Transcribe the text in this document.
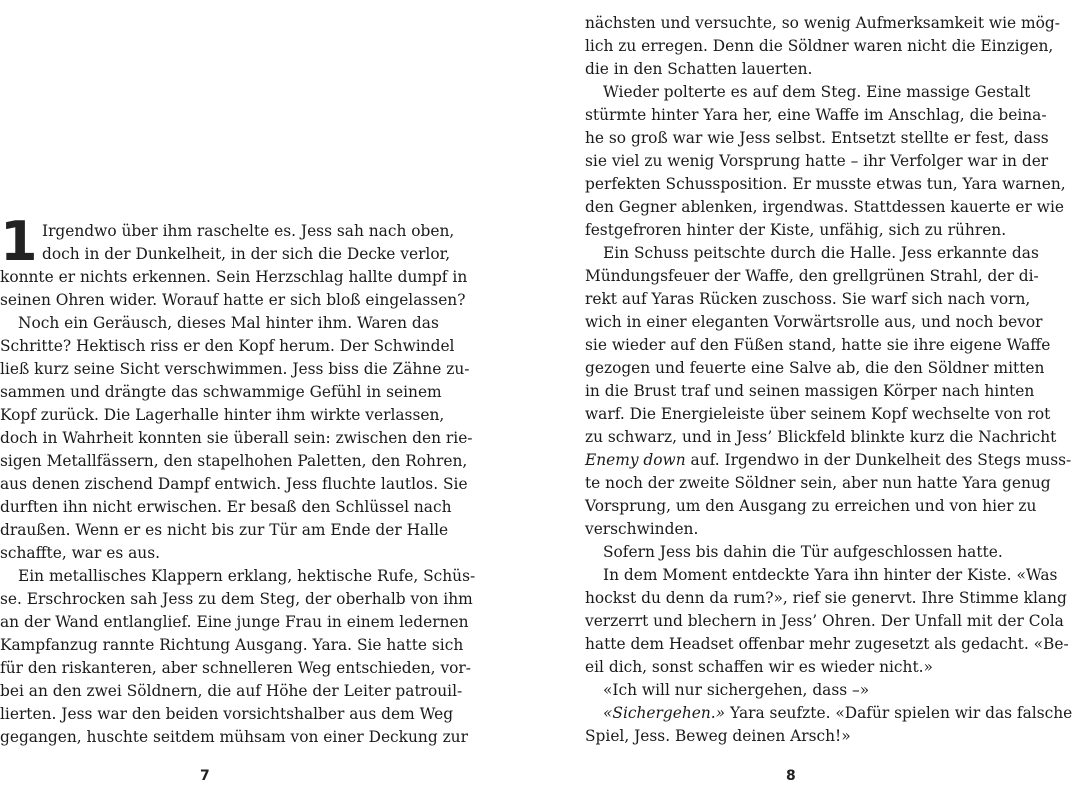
1 Irgendwo über ihm raschelte es. Jess sah nach oben,
doch in der Dunkelheit, in der sich die Decke verlor,
konnte er nichts erkennen. Sein Herzschlag hallte dumpf in
seinen Ohren wider. Worauf hatte er sich bloß eingelassen?
Noch ein Geräusch, dieses Mal hinter ihm. Waren das
Schritte? Hektisch riss er den Kopf herum. Der Schwindel
ließ kurz seine Sicht verschwimmen. Jess biss die Zähne zu-
sammen und drängte das schwammige Gefühl in seinem
Kopf zurück. Die Lagerhalle hinter ihm wirkte verlassen,
doch in Wahrheit konnten sie überall sein: zwischen den rie-
sigen Metallfässern, den stapelhohen Paletten, den Rohren,
aus denen zischend Dampf entwich. Jess fluchte lautlos. Sie
durften ihn nicht erwischen. Er besaß den Schlüssel nach
draußen. Wenn er es nicht bis zur Tür am Ende der Halle
schaffte, war es aus.
Ein metallisches Klappern erklang, hektische Rufe, Schüs-
se. Erschrocken sah Jess zu dem Steg, der oberhalb von ihm
an der Wand entlanglief. Eine junge Frau in einem ledernen
Kampfanzug rannte Richtung Ausgang. Yara. Sie hatte sich
für den riskanteren, aber schnelleren Weg entschieden, vor-
bei an den zwei Söldnern, die auf Höhe der Leiter patrouil-
lierten. Jess war den beiden vorsichtshalber aus dem Weg
gegangen, huschte seitdem mühsam von einer Deckung zur
7
nächsten und versuchte, so wenig Aufmerksamkeit wie mög-
lich zu erregen. Denn die Söldner waren nicht die Einzigen,
die in den Schatten lauerten.
Wieder polterte es auf dem Steg. Eine massige Gestalt
stürmte hinter Yara her, eine Waffe im Anschlag, die beina-
he so groß war wie Jess selbst. Entsetzt stellte er fest, dass
sie viel zu wenig Vorsprung hatte – ihr Verfolger war in der
perfekten Schussposition. Er musste etwas tun, Yara warnen,
den Gegner ablenken, irgendwas. Stattdessen kauerte er wie
festgefroren hinter der Kiste, unfähig, sich zu rühren.
Ein Schuss peitschte durch die Halle. Jess erkannte das
Mündungsfeuer der Waffe, den grellgrünen Strahl, der di-
rekt auf Yaras Rücken zuschoss. Sie warf sich nach vorn,
wich in einer eleganten Vorwärtsrolle aus, und noch bevor
sie wieder auf den Füßen stand, hatte sie ihre eigene Waffe
gezogen und feuerte eine Salve ab, die den Söldner mitten
in die Brust traf und seinen massigen Körper nach hinten
warf. Die Energieleiste über seinem Kopf wechselte von rot
zu schwarz, und in Jess’ Blickfeld blinkte kurz die Nachricht
Enemy down auf. Irgendwo in der Dunkelheit des Stegs muss-
te noch der zweite Söldner sein, aber nun hatte Yara genug
Vorsprung, um den Ausgang zu erreichen und von hier zu
verschwinden.
Sofern Jess bis dahin die Tür aufgeschlossen hatte.
In dem Moment entdeckte Yara ihn hinter der Kiste. «Was
hockst du denn da rum?», rief sie genervt. Ihre Stimme klang
verzerrt und blechern in Jess’ Ohren. Der Unfall mit der Cola
hatte dem Headset offenbar mehr zugesetzt als gedacht. «Be-
eil dich, sonst schaffen wir es wieder nicht.»
«Ich will nur sichergehen, dass –»
«Sichergehen.» Yara seufzte. «Dafür spielen wir das falsche
Spiel, Jess. Beweg deinen Arsch!»
8
